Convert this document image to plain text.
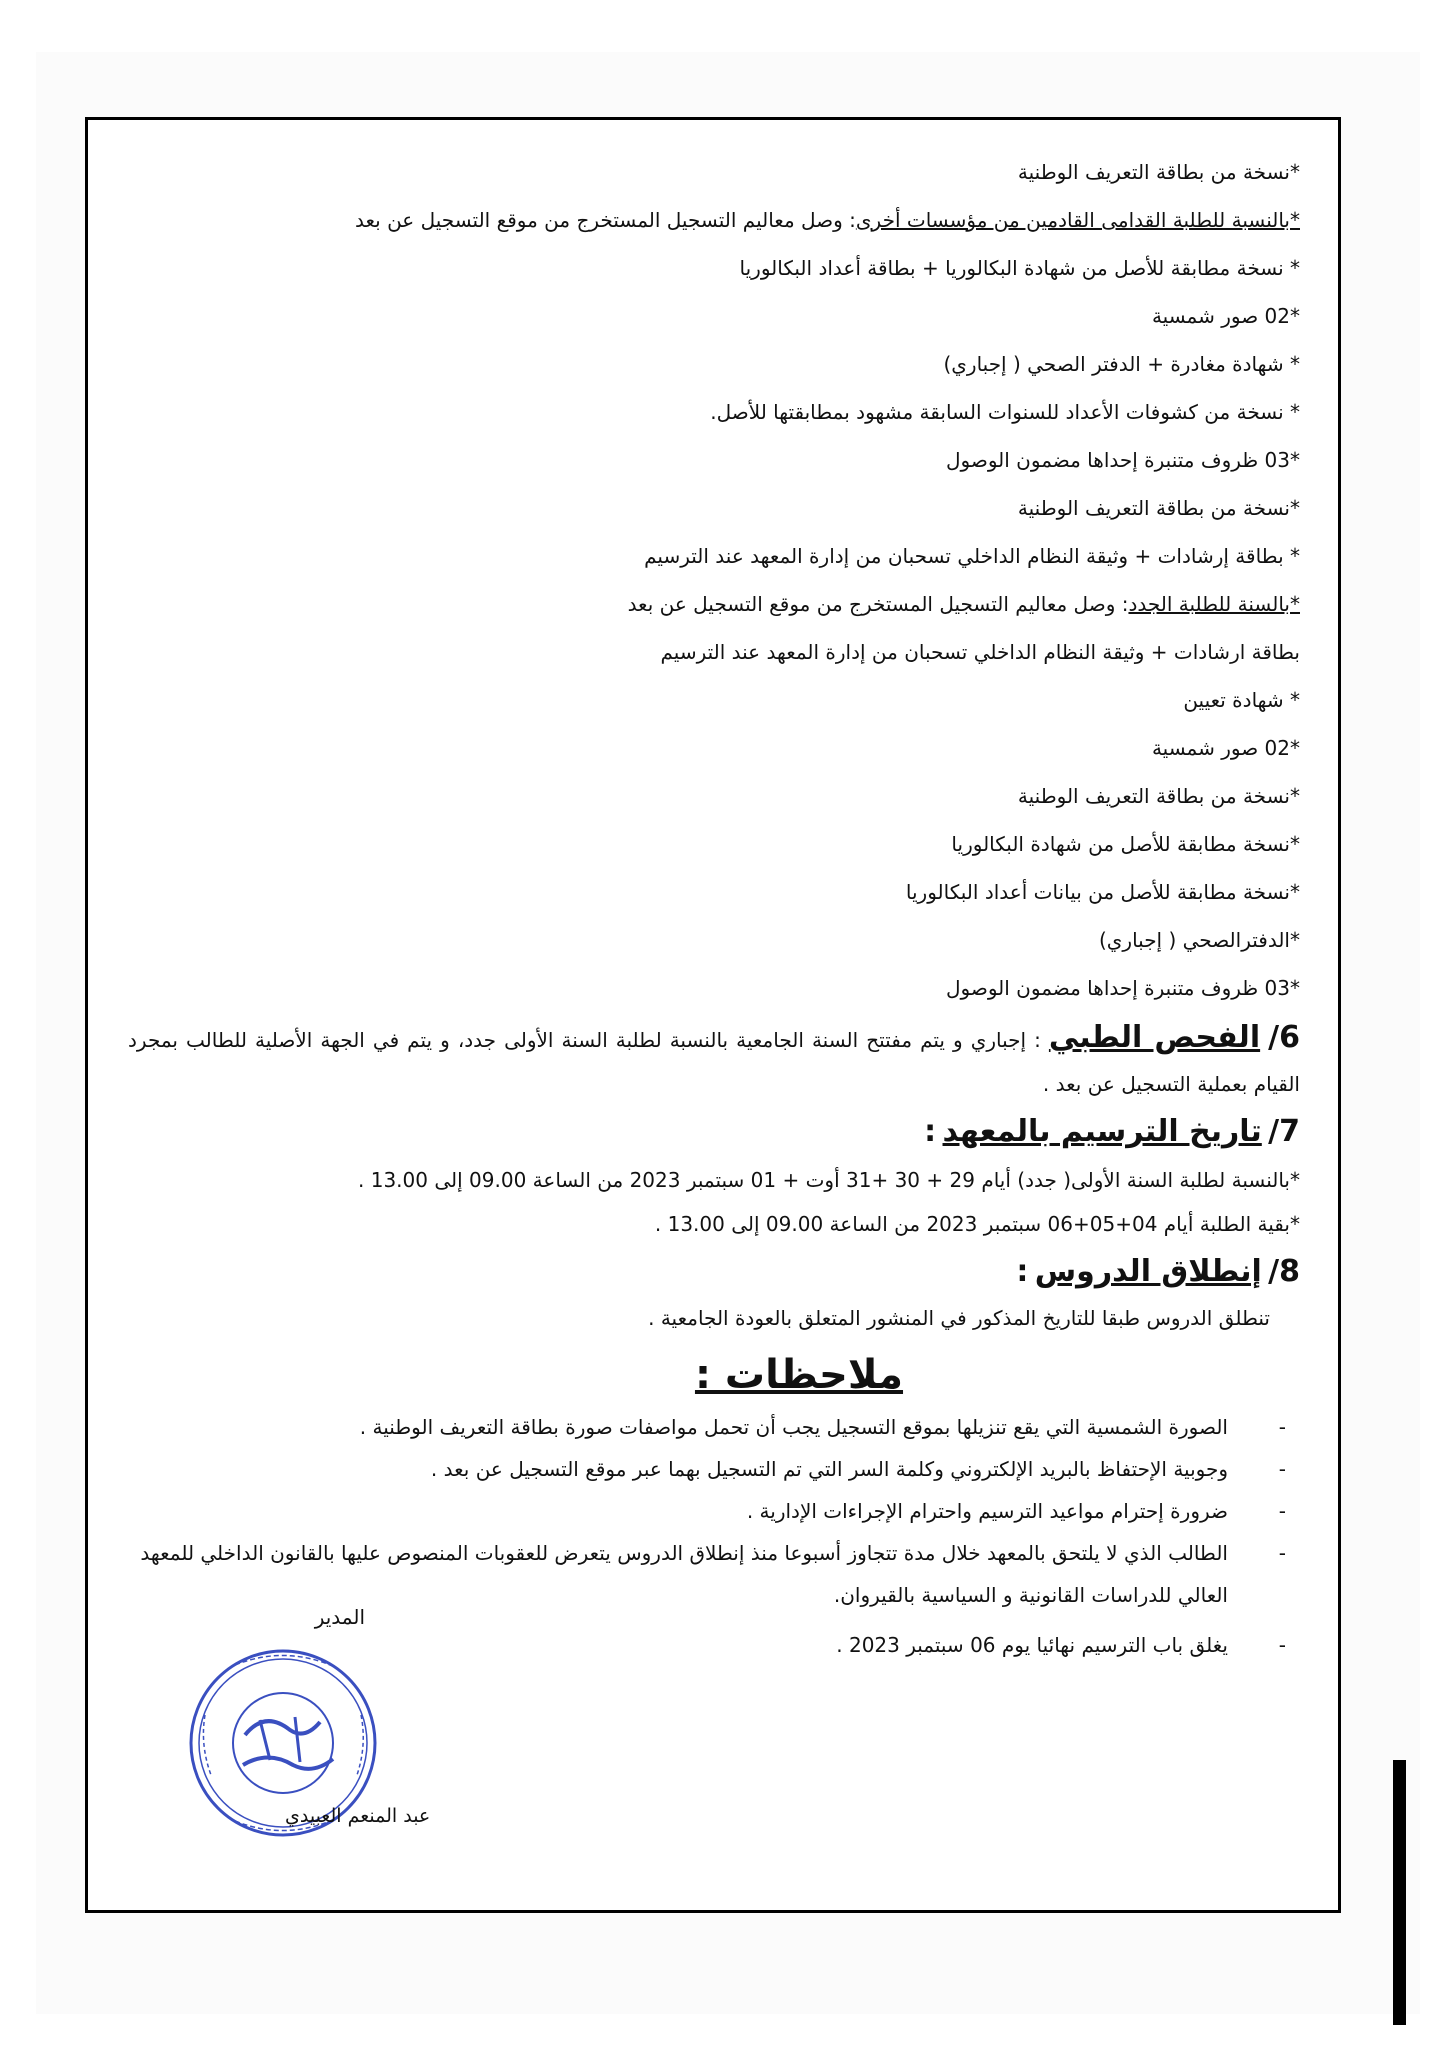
*نسخة من بطاقة التعريف الوطنية
*بالنسبة للطلبة القدامى القادمين من مؤسسات أخرى: وصل معاليم التسجيل المستخرج من موقع التسجيل عن بعد
* نسخة مطابقة للأصل من شهادة البكالوريا + بطاقة أعداد البكالوريا
*02 صور شمسية
* شهادة مغادرة + الدفتر الصحي ( إجباري)
* نسخة من كشوفات الأعداد للسنوات السابقة مشهود بمطابقتها للأصل.
*03 ظروف متنبرة إحداها مضمون الوصول
*نسخة من بطاقة التعريف الوطنية
* بطاقة إرشادات + وثيقة النظام الداخلي تسحبان من إدارة المعهد عند الترسيم
*بالسنة للطلبة الجدد: وصل معاليم التسجيل المستخرج من موقع التسجيل عن بعد
بطاقة ارشادات + وثيقة النظام الداخلي تسحبان من إدارة المعهد عند الترسيم
* شهادة تعيين
*02 صور شمسية
*نسخة من بطاقة التعريف الوطنية
*نسخة مطابقة للأصل من شهادة البكالوريا
*نسخة مطابقة للأصل من بيانات أعداد البكالوريا
*الدفترالصحي ( إجباري)
*03 ظروف متنبرة إحداها مضمون الوصول
6/ الفحص الطبي : إجباري و يتم مفتتح السنة الجامعية بالنسبة لطلبة السنة الأولى جدد، و يتم في الجهة الأصلية للطالب بمجرد القيام بعملية التسجيل عن بعد .
7/ تاريخ الترسيم بالمعهد :
*بالنسبة لطلبة السنة الأولى( جدد) أيام 29 + 30 +31 أوت + 01 سبتمبر 2023 من الساعة 09.00 إلى 13.00 .
*بقية الطلبة أيام 04+05+06 سبتمبر 2023 من الساعة 09.00 إلى 13.00 .
8/ إنطلاق الدروس :
تنطلق الدروس طبقا للتاريخ المذكور في المنشور المتعلق بالعودة الجامعية .
ملاحظات :
-
الصورة الشمسية التي يقع تنزيلها بموقع التسجيل يجب أن تحمل مواصفات صورة بطاقة التعريف الوطنية .
-
وجوبية الإحتفاظ بالبريد الإلكتروني وكلمة السر التي تم التسجيل بهما عبر موقع التسجيل عن بعد .
-
ضرورة إحترام مواعيد الترسيم واحترام الإجراءات الإدارية .
-
الطالب الذي لا يلتحق بالمعهد خلال مدة تتجاوز أسبوعا منذ إنطلاق الدروس يتعرض للعقوبات المنصوص عليها بالقانون الداخلي للمعهد العالي للدراسات القانونية و السياسية بالقيروان.
-
يغلق باب الترسيم نهائيا يوم 06 سبتمبر 2023 .
المدير
عبد المنعم العبيدي
